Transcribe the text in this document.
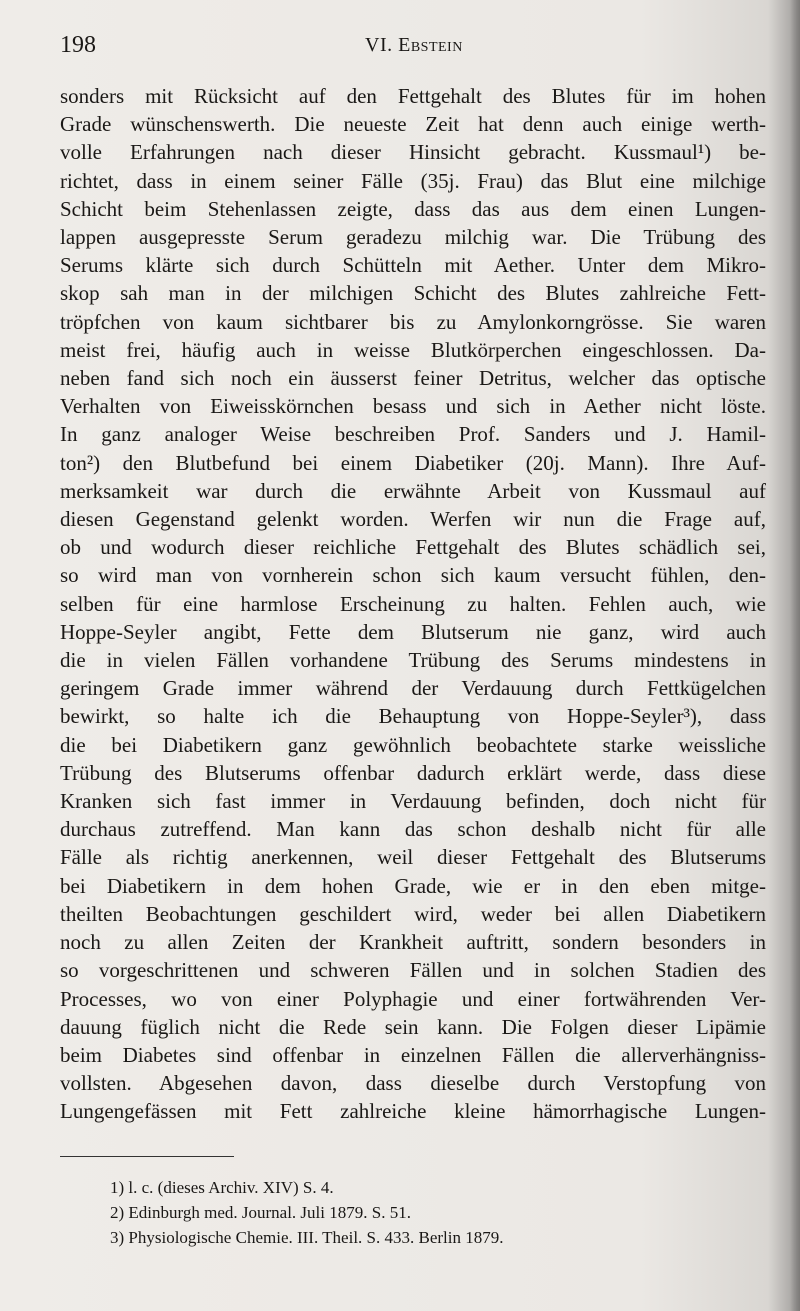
198	VI. Ebstein
sonders mit Rücksicht auf den Fettgehalt des Blutes für im hohen
Grade wünschenswerth. Die neueste Zeit hat denn auch einige werth-
volle Erfahrungen nach dieser Hinsicht gebracht. Kussmaul¹) be-
richtet, dass in einem seiner Fälle (35j. Frau) das Blut eine milchige
Schicht beim Stehenlassen zeigte, dass das aus dem einen Lungen-
lappen ausgepresste Serum geradezu milchig war. Die Trübung des
Serums klärte sich durch Schütteln mit Aether. Unter dem Mikro-
skop sah man in der milchigen Schicht des Blutes zahlreiche Fett-
tröpfchen von kaum sichtbarer bis zu Amylonkorngrösse. Sie waren
meist frei, häufig auch in weisse Blutkörperchen eingeschlossen. Da-
neben fand sich noch ein äusserst feiner Detritus, welcher das optische
Verhalten von Eiweisskörnchen besass und sich in Aether nicht löste.
In ganz analoger Weise beschreiben Prof. Sanders und J. Hamil-
ton²) den Blutbefund bei einem Diabetiker (20j. Mann). Ihre Auf-
merksamkeit war durch die erwähnte Arbeit von Kussmaul auf
diesen Gegenstand gelenkt worden. Werfen wir nun die Frage auf,
ob und wodurch dieser reichliche Fettgehalt des Blutes schädlich sei,
so wird man von vornherein schon sich kaum versucht fühlen, den-
selben für eine harmlose Erscheinung zu halten. Fehlen auch, wie
Hoppe-Seyler angibt, Fette dem Blutserum nie ganz, wird auch
die in vielen Fällen vorhandene Trübung des Serums mindestens in
geringem Grade immer während der Verdauung durch Fettkügelchen
bewirkt, so halte ich die Behauptung von Hoppe-Seyler³), dass
die bei Diabetikern ganz gewöhnlich beobachtete starke weissliche
Trübung des Blutserums offenbar dadurch erklärt werde, dass diese
Kranken sich fast immer in Verdauung befinden, doch nicht für
durchaus zutreffend. Man kann das schon deshalb nicht für alle
Fälle als richtig anerkennen, weil dieser Fettgehalt des Blutserums
bei Diabetikern in dem hohen Grade, wie er in den eben mitge-
theilten Beobachtungen geschildert wird, weder bei allen Diabetikern
noch zu allen Zeiten der Krankheit auftritt, sondern besonders in
so vorgeschrittenen und schweren Fällen und in solchen Stadien des
Processes, wo von einer Polyphagie und einer fortwährenden Ver-
dauung füglich nicht die Rede sein kann. Die Folgen dieser Lipämie
beim Diabetes sind offenbar in einzelnen Fällen die allerverhängniss-
vollsten. Abgesehen davon, dass dieselbe durch Verstopfung von
Lungengefässen mit Fett zahlreiche kleine hämorrhagische Lungen-
1) l. c. (dieses Archiv. XIV) S. 4.
2) Edinburgh med. Journal. Juli 1879. S. 51.
3) Physiologische Chemie. III. Theil. S. 433. Berlin 1879.
